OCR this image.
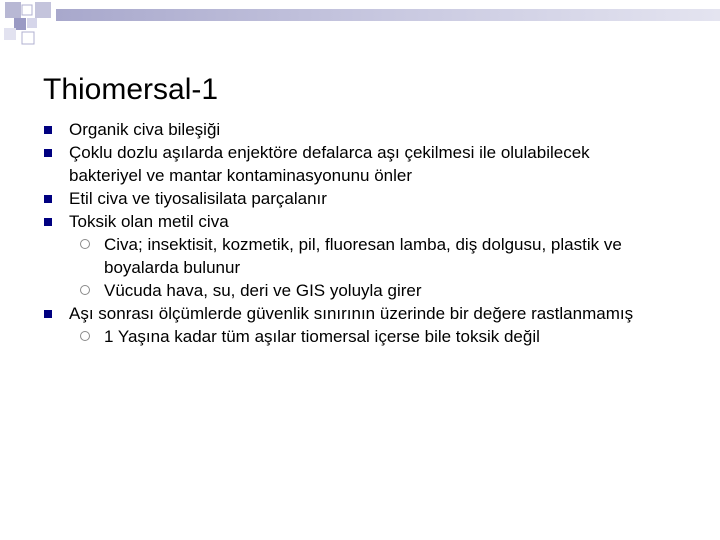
Thiomersal-1
Organik civa bileşiği
Çoklu dozlu aşılarda enjektöre defalarca aşı çekilmesi ile olulabilecek bakteriyel ve mantar kontaminasyonunu önler
Etil civa ve tiyosalisilata parçalanır
Toksik olan metil civa
Civa; insektisit, kozmetik, pil, fluoresan lamba, diş dolgusu, plastik ve boyalarda bulunur
Vücuda hava, su, deri ve GIS yoluyla girer
Aşı sonrası ölçümlerde güvenlik sınırının üzerinde bir değere rastlanmamış
1 Yaşına kadar tüm aşılar tiomersal içerse bile toksik değil
